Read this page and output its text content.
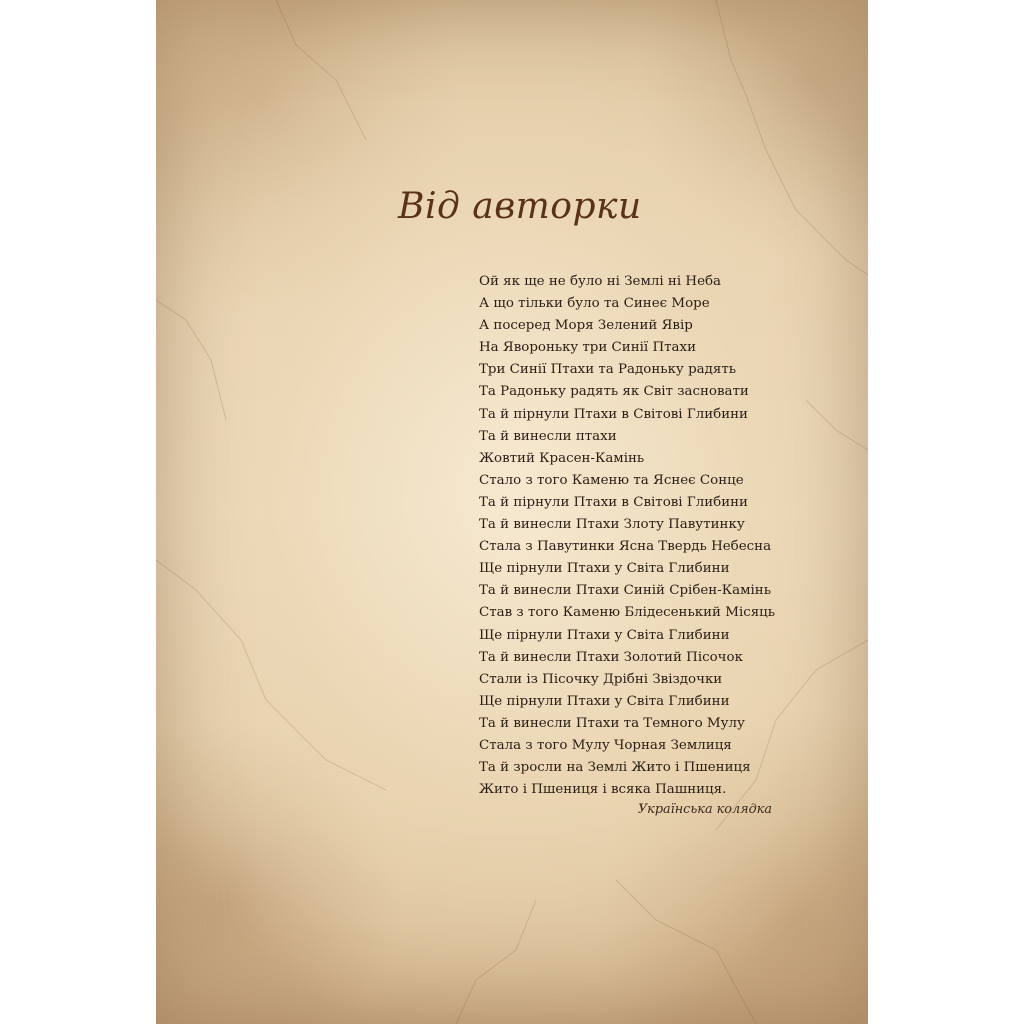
Від авторки
Ой як ще не було ні Землі ні Неба
А що тільки було та Синеє Море
А посеред Моря Зелений Явір
На Яворонькy три Синії Птахи
Три Синії Птахи та Радоньку радять
Та Радоньку радять як Світ засновати
Та й пірнули Птахи в Світові Глибини
Та й винесли птахи
Жовтий Красен-Камінь
Стало з того Каменю та Яснеє Сонце
Та й пірнули Птахи в Світові Глибини
Та й винесли Птахи Злоту Павутинку
Стала з Павутинки Ясна Твердь Небесна
Ще пірнули Птахи у Світа Глибини
Та й винесли Птахи Синій Срібен-Камінь
Став з того Каменю Блідесенький Місяць
Ще пірнули Птахи у Світа Глибини
Та й винесли Птахи Золотий Пісочок
Стали із Пісочку Дрібні Звіздочки
Ще пірнули Птахи у Світа Глибини
Та й винесли Птахи та Темного Мулу
Стала з того Мулу Чорная Землиця
Та й зросли на Землі Жито і Пшениця
Жито і Пшениця і всяка Пашниця.
Українська колядка
